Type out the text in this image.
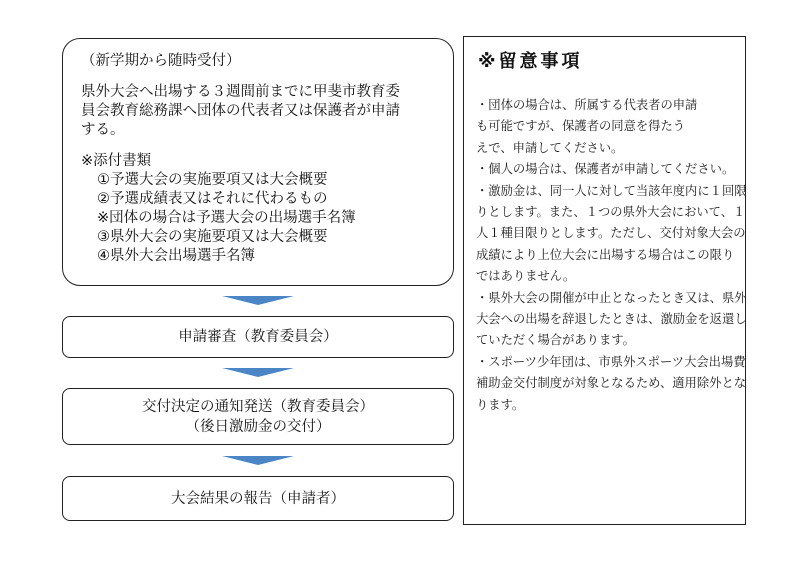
（新学期から随時受付）
県外大会へ出場する３週間前までに甲斐市教育委
員会教育総務課へ団体の代表者又は保護者が申請
する。
※添付書類
①予選大会の実施要項又は大会概要
②予選成績表又はそれに代わるもの
※団体の場合は予選大会の出場選手名簿
③県外大会の実施要項又は大会概要
④県外大会出場選手名簿
申請審査（教育委員会）
交付決定の通知発送（教育委員会）
（後日激励金の交付）
大会結果の報告（申請者）
※留意事項
・団体の場合は、所属する代表者の申請
も可能ですが、保護者の同意を得たう
えで、申請してください。
・個人の場合は、保護者が申請してください。
・激励金は、同一人に対して当該年度内に１回限
りとします。また、１つの県外大会において、１
人１種目限りとします。ただし、交付対象大会の
成績により上位大会に出場する場合はこの限り
ではありません。
・県外大会の開催が中止となったとき又は、県外
大会への出場を辞退したときは、激励金を返還し
ていただく場合があります。
・スポーツ少年団は、市県外スポーツ大会出場費
補助金交付制度が対象となるため、適用除外とな
ります。
